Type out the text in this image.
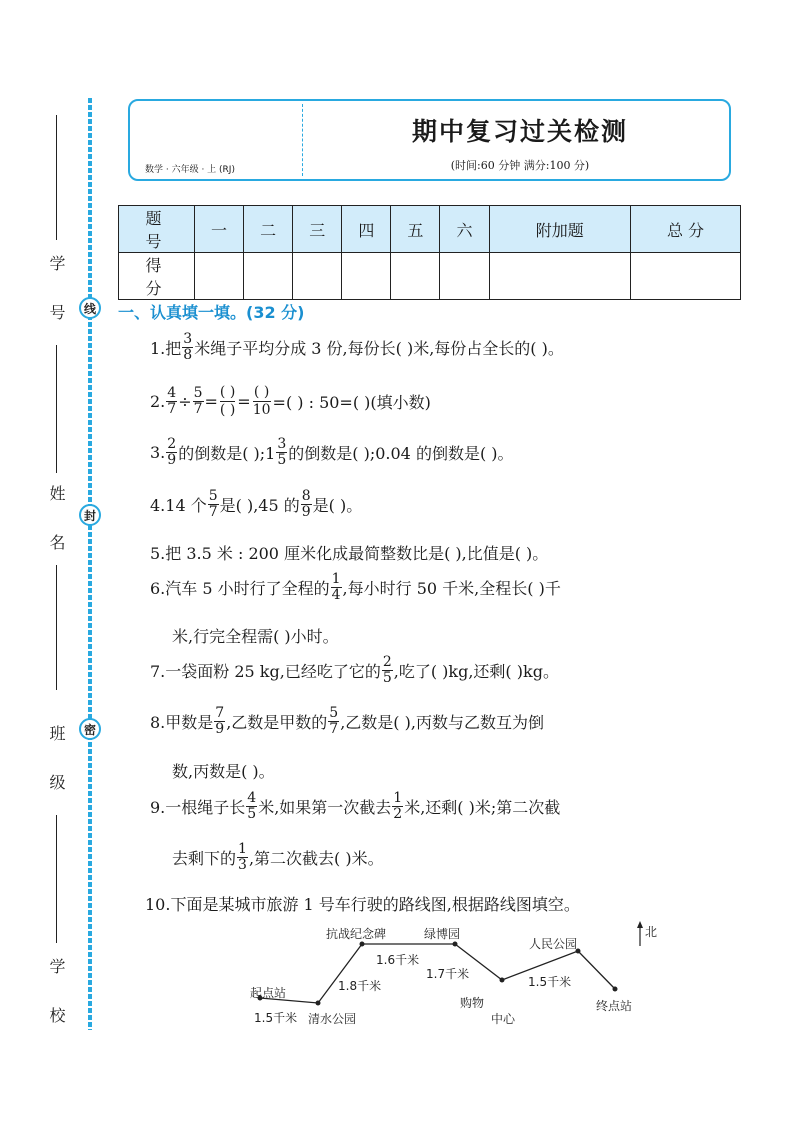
线
封
密
学 号
姓 名
班 级
学 校
数学 · 六年级 · 上 (RJ)
期中复习过关检测
(时间:60 分钟 满分:100 分)
题 号	一	二	三	四	五	六	附加题	总 分
得 分								
一、认真填一填。(32 分)
1.把 $\frac{3}{8}$ 米绳子平均分成 3 份,每份长( )米,每份占全长的( )。
2. $\frac{4}{7} \div \frac{5}{7}$ = ( )
( ) = ( )
10 =( ) : 50=( )(填小数)
3. $\frac{2}{9}$ 的倒数是( );1 $\frac{3}{5}$ 的倒数是( );0.04 的倒数是( )。
4.14 个 $\frac{5}{7}$ 是( ),45 的 $\frac{8}{9}$ 是( )。
5.把 3.5 米 : 200 厘米化成最简整数比是( ),比值是( )。
6.汽车 5 小时行了全程的 $\frac{1}{4}$ ,每小时行 50 千米,全程长( )千
米,行完全程需( )小时。
7.一袋面粉 25 kg,已经吃了它的 $\frac{2}{5}$ ,吃了( )kg,还剩( )kg。
8.甲数是 $\frac{7}{9}$ ,乙数是甲数的 $\frac{5}{7}$ ,乙数是( ),丙数与乙数互为倒
数,丙数是( )。
9.一根绳子长 $\frac{4}{5}$ 米,如果第一次截去 $\frac{1}{2}$ 米,还剩( )米;第二次截
去剩下的 $\frac{1}{3}$ ,第二次截去( )米。
10.下面是某城市旅游 1 号车行驶的路线图,根据路线图填空。
起点站
清水公园
抗战纪念碑	绿博园
购物
中心
人民公园
终点站
1.5千米
1.8千米
1.6千米
1.7千米
1.5千米
北
